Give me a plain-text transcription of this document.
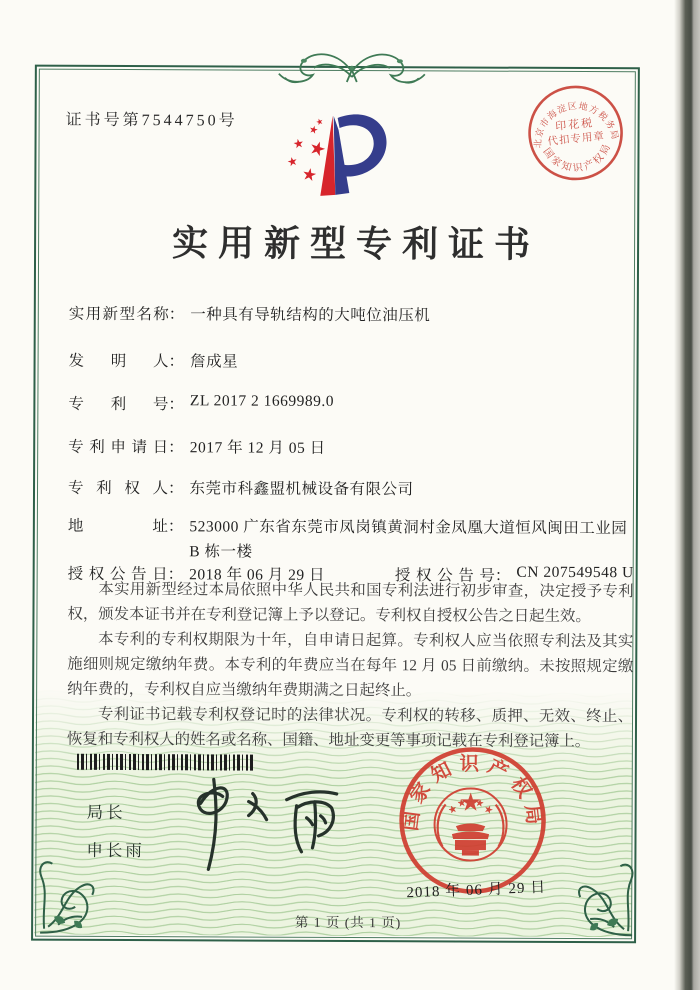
证书号第7544750号
实用新型专利证书
北京市海淀区地方税务局
印花税
代扣专用章
国家知识产权局
实用新型名称 ： 一种具有导轨结构的大吨位油压机
发明人 ： 詹成星
专利号 ： ZL 2017 2 1669989.0
专利申请日 ： 2017 年 12 月 05 日
专利权人 ： 东莞市科鑫盟机械设备有限公司
地址 ： 523000 广东省东莞市凤岗镇黄洞村金凤凰大道恒风闽田工业园 B 栋一楼
授权公告日 ： 2018 年 06 月 29 日	授权公告号 ： CN 207549548 U

本实用新型经过本局依照中华人民共和国专利法进行初步审查，决定授予专利权，颁发本证书并在专利登记簿上予以登记。专利权自授权公告之日起生效。

本专利的专利权期限为十年，自申请日起算。专利权人应当依照专利法及其实施细则规定缴纳年费。本专利的年费应当在每年 12 月 05 日前缴纳。未按照规定缴纳年费的，专利权自应当缴纳年费期满之日起终止。

专利证书记载专利权登记时的法律状况。专利权的转移、质押、无效、终止、恢复和专利权人的姓名或名称、国籍、地址变更等事项记载在专利登记簿上。

局长
申长雨
国家知识产权局
2018 年 06 月 29 日
第 1 页 (共 1 页)
